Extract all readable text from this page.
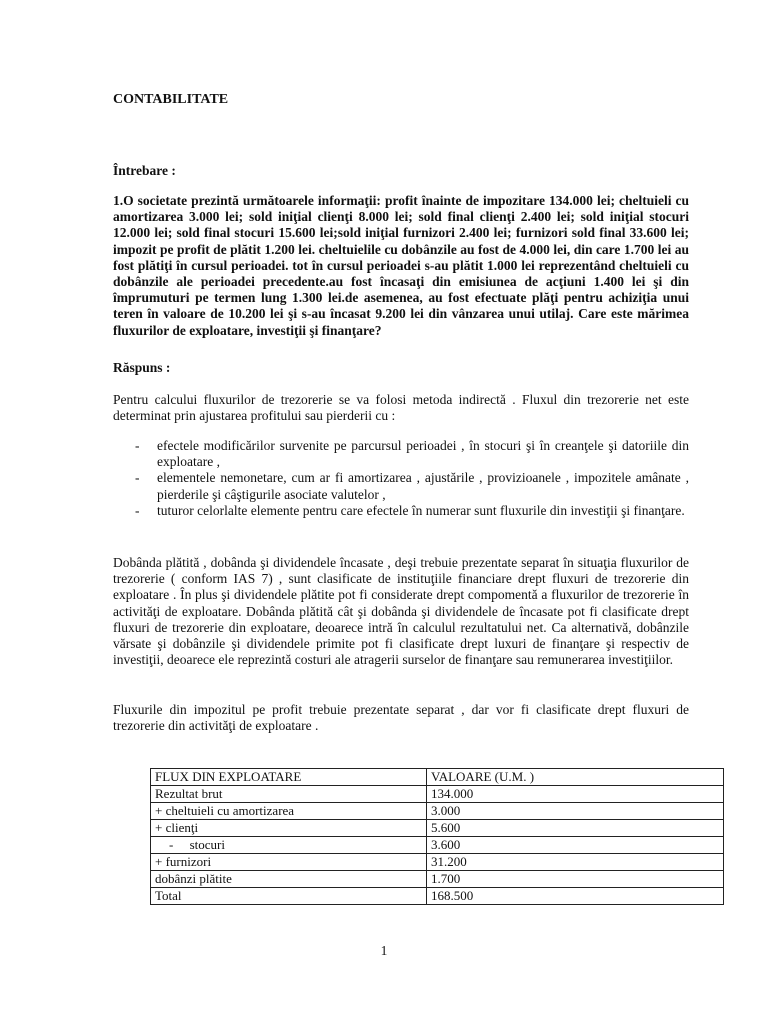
CONTABILITATE

Întrebare :

1.O societate prezintă următoarele informaţii: profit înainte de impozitare 134.000 lei; cheltuieli cu amortizarea 3.000 lei; sold iniţial clienţi 8.000 lei; sold final clienţi 2.400 lei; sold iniţial stocuri 12.000 lei; sold final stocuri 15.600 lei;sold iniţial furnizori 2.400 lei; furnizori sold final 33.600 lei; impozit pe profit de plătit 1.200 lei. cheltuielile cu dobânzile au fost de 4.000 lei, din care 1.700 lei au fost plătiţi în cursul perioadei. tot în cursul perioadei s-au plătit 1.000 lei reprezentând cheltuieli cu dobânzile ale perioadei precedente.au fost încasaţi din emisiunea de acţiuni 1.400 lei şi din împrumuturi pe termen lung 1.300 lei.de asemenea, au fost efectuate plăţi pentru achiziţia unui teren în valoare de 10.200 lei şi s-au încasat 9.200 lei din vânzarea unui utilaj. Care este mărimea fluxurilor de exploatare, investiţii şi finanţare?

Răspuns :

Pentru calcului fluxurilor de trezorerie se va folosi metoda indirectă . Fluxul din trezorerie net este determinat prin ajustarea profitului sau pierderii cu :

- efectele modificărilor survenite pe parcursul perioadei , în stocuri şi în creanţele şi datoriile din exploatare ,
- elementele nemonetare, cum ar fi amortizarea , ajustările , provizioanele , impozitele amânate , pierderile şi câştigurile asociate valutelor ,
- tuturor celorlalte elemente pentru care efectele în numerar sunt fluxurile din investiţii şi finanţare.

Dobânda plătită , dobânda şi dividendele încasate , deşi trebuie prezentate separat în situaţia fluxurilor de trezorerie ( conform IAS 7) , sunt clasificate de instituţiile financiare drept fluxuri de trezorerie din exploatare . În plus şi dividendele plătite pot fi considerate drept compomentă a fluxurilor de trezorerie în activităţi de exploatare. Dobânda plătită cât şi dobânda şi dividendele de încasate pot fi clasificate drept fluxuri de trezorerie din exploatare, deoarece intră în calculul rezultatului net. Ca alternativă, dobânzile vărsate şi dobânzile şi dividendele primite pot fi clasificate drept luxuri de finanţare şi respectiv de investiţii, deoarece ele reprezintă costuri ale atragerii surselor de finanţare sau remunerarea investiţiilor.

Fluxurile din impozitul pe profit trebuie prezentate separat , dar vor fi clasificate drept fluxuri de trezorerie din activităţi de exploatare .

FLUX DIN EXPLOATARE	VALOARE (U.M. )
Rezultat brut	134.000
+ cheltuieli cu amortizarea	3.000
+ clienţi	5.600
-     stocuri	3.600
+ furnizori	31.200
dobânzi plătite	1.700
Total	168.500

1
